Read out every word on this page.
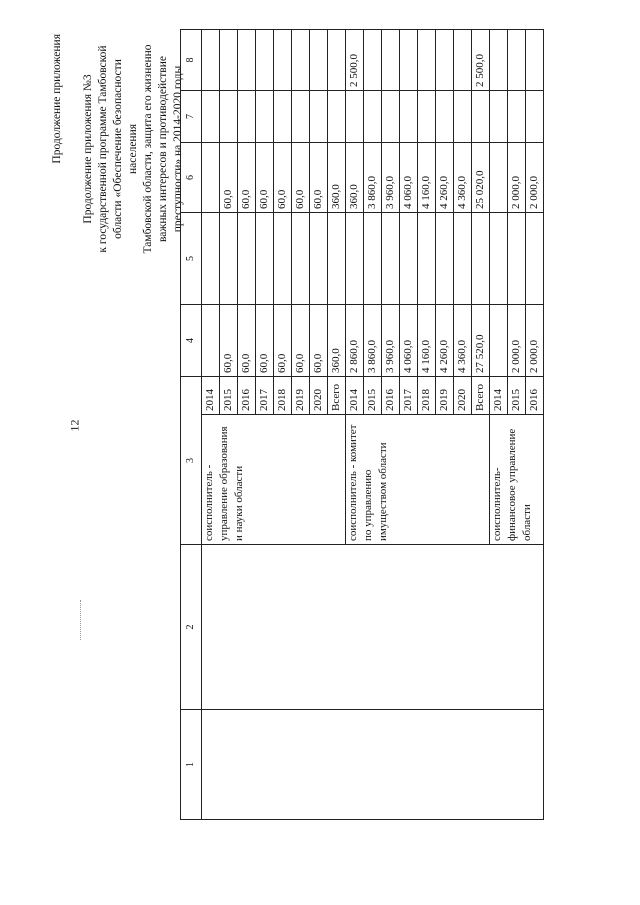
12
Продолжение приложения Продолжение приложения №3 к государственной программе Тамбовской области «Обеспечение безопасности населения Тамбовской области, защита его жизненно важных интересов и противодействие преступности» на 2014-2020 годы
1	2	3		4	5	6	7	8
		соисполнитель - управление образования и науки области	2014					
			2015	60,0		60,0		
			2016	60,0		60,0		
			2017	60,0		60,0		
			2018	60,0		60,0		
			2019	60,0		60,0		
			2020	60,0		60,0		
			Всего	360,0		360,0		
		соисполнитель - комитет по управлению имуществом области	2014	2 860,0		360,0		2 500,0
			2015	3 860,0		3 860,0		
			2016	3 960,0		3 960,0		
			2017	4 060,0		4 060,0		
			2018	4 160,0		4 160,0		
			2019	4 260,0		4 260,0		
			2020	4 360,0		4 360,0		
			Всего	27 520,0		25 020,0		2 500,0
		соисполнитель- финансовое управление области	2014					
			2015	2 000,0		2 000,0		
			2016	2 000,0		2 000,0		
